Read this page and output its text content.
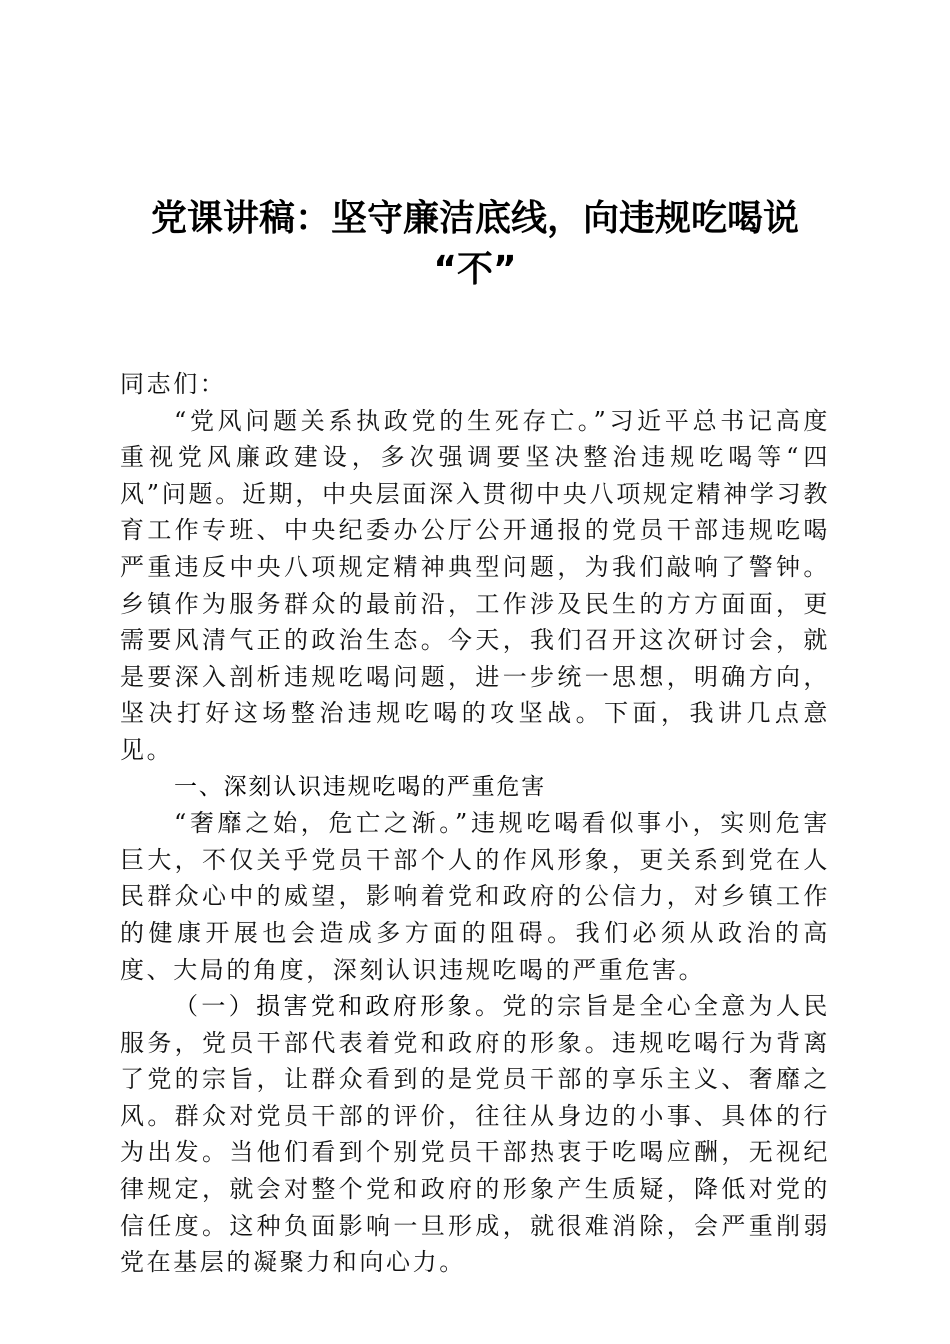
党课讲稿：坚守廉洁底线，向违规吃喝说
“不”

同志们：

“党风问题关系执政党的生死存亡。”习近平总书记高度重视党风廉政建设，多次强调要坚决整治违规吃喝等“四风”问题。近期，中央层面深入贯彻中央八项规定精神学习教育工作专班、中央纪委办公厅公开通报的党员干部违规吃喝严重违反中央八项规定精神典型问题，为我们敲响了警钟。乡镇作为服务群众的最前沿，工作涉及民生的方方面面，更需要风清气正的政治生态。今天，我们召开这次研讨会，就是要深入剖析违规吃喝问题，进一步统一思想，明确方向，坚决打好这场整治违规吃喝的攻坚战。下面，我讲几点意见。

一、深刻认识违规吃喝的严重危害

“奢靡之始，危亡之渐。”违规吃喝看似事小，实则危害巨大，不仅关乎党员干部个人的作风形象，更关系到党在人民群众心中的威望，影响着党和政府的公信力，对乡镇工作的健康开展也会造成多方面的阻碍。我们必须从政治的高度、大局的角度，深刻认识违规吃喝的严重危害。

（一）损害党和政府形象。党的宗旨是全心全意为人民服务，党员干部代表着党和政府的形象。违规吃喝行为背离了党的宗旨，让群众看到的是党员干部的享乐主义、奢靡之风。群众对党员干部的评价，往往从身边的小事、具体的行为出发。当他们看到个别党员干部热衷于吃喝应酬，无视纪律规定，就会对整个党和政府的形象产生质疑，降低对党的信任度。这种负面影响一旦形成，就很难消除，会严重削弱党在基层的凝聚力和向心力。
